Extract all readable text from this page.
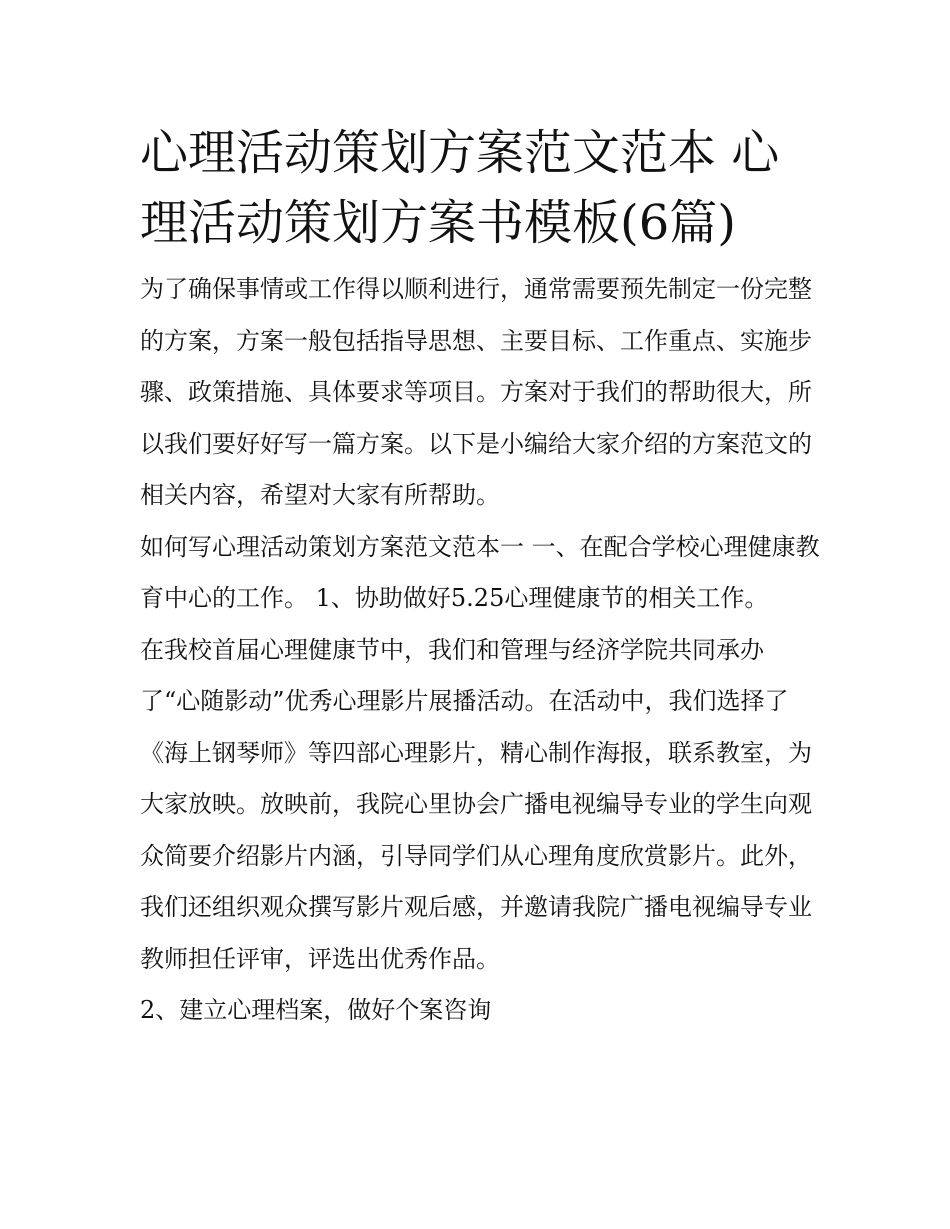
心理活动策划方案范文范本 心理活动策划方案书模板(6篇)

为了确保事情或工作得以顺利进行，通常需要预先制定一份完整的方案，方案一般包括指导思想、主要目标、工作重点、实施步骤、政策措施、具体要求等项目。方案对于我们的帮助很大，所以我们要好好写一篇方案。以下是小编给大家介绍的方案范文的相关内容，希望对大家有所帮助。

如何写心理活动策划方案范文范本一 一、在配合学校心理健康教育中心的工作。 1、协助做好5.25心理健康节的相关工作。

在我校首届心理健康节中，我们和管理与经济学院共同承办了“心随影动”优秀心理影片展播活动。在活动中，我们选择了《海上钢琴师》等四部心理影片，精心制作海报，联系教室，为大家放映。放映前，我院心里协会广播电视编导专业的学生向观众简要介绍影片内涵，引导同学们从心理角度欣赏影片。此外，我们还组织观众撰写影片观后感，并邀请我院广播电视编导专业教师担任评审，评选出优秀作品。

2、建立心理档案，做好个案咨询
